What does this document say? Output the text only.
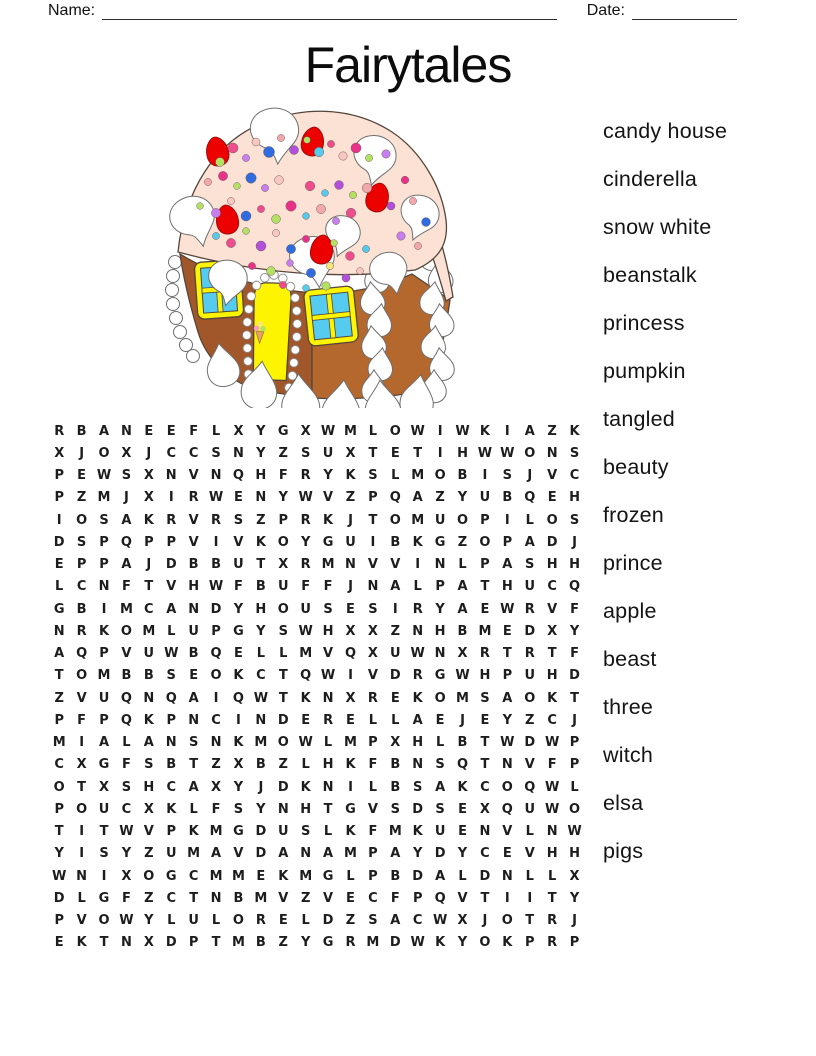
Name:	Date:
Fairytales
candy house
cinderella
snow white
beanstalk
princess
pumpkin
tangled
beauty
frozen
prince
apple
beast
three
witch
elsa
pigs
R B A N E	E	F	L	X Y G X W M L O W I W K	I	A Z K
X	J	O X	J	C C S N Y Z	S U X T	E	T	I	H W W O N S
P	E W S X N V N Q H F R Y K S	L M O B	I	S	J	V C
P Z M	J	X	I	R W E N Y W V Z P Q A Z Y U B Q E H
I	O S A K R V R S	Z P R K	J	T O M U O P	I	L O S
D S P Q P P V	I	V K O Y G U	I	B K G Z O P A D	J
E	P P A	J	D B B U T X R M N V V	I	N L	P A S H H
L	C N F	T V H W F	B U F	F	J	N A	L	P A T H U C Q
G B	I	M C A N D Y H O U S	E	S	I	R Y A E W R V F
N R K O M L U P G Y	S W H X X Z N H B M E D X Y
A Q P V U W B Q E	L	L M V Q X U W N X R T R T	F
T O M B B S	E O K C	T Q W I	V D R G W H P U H D
Z V U Q N Q A	I	Q W T K N X R E K O M S A O K T
P	F	P Q K P N C	I	N D E R E	L	L	A E	J	E	Y Z C	J
M	I	A	L	A N S N K M O W L M P X H L	B	T W D W P
C X G F	S B	T	Z X B Z	L H K F	B N S Q T N V F	P
O T X S H C A X Y	J	D K N	I	L	B S A K C O Q W L
P O U C X K	L	F	S	Y N H T G V S D S	E X Q U W O
T	I	T W V P K M G D U S	L	K F M K U E N V	L N W
Y	I	S	Y Z U M A V D A N A M P A Y D Y C	E V H H
W N	I	X O G C M M E K M G L	P B D A	L D N L	L	X
D L G F	Z C	T N B M V Z V E	C	F	P Q V T	I	I	T	Y
P V O W Y	L U L O R E	L D Z	S A C W X	J	O T R	J
E K T N X D P	T M B Z Y G R M D W K Y O K P R P
